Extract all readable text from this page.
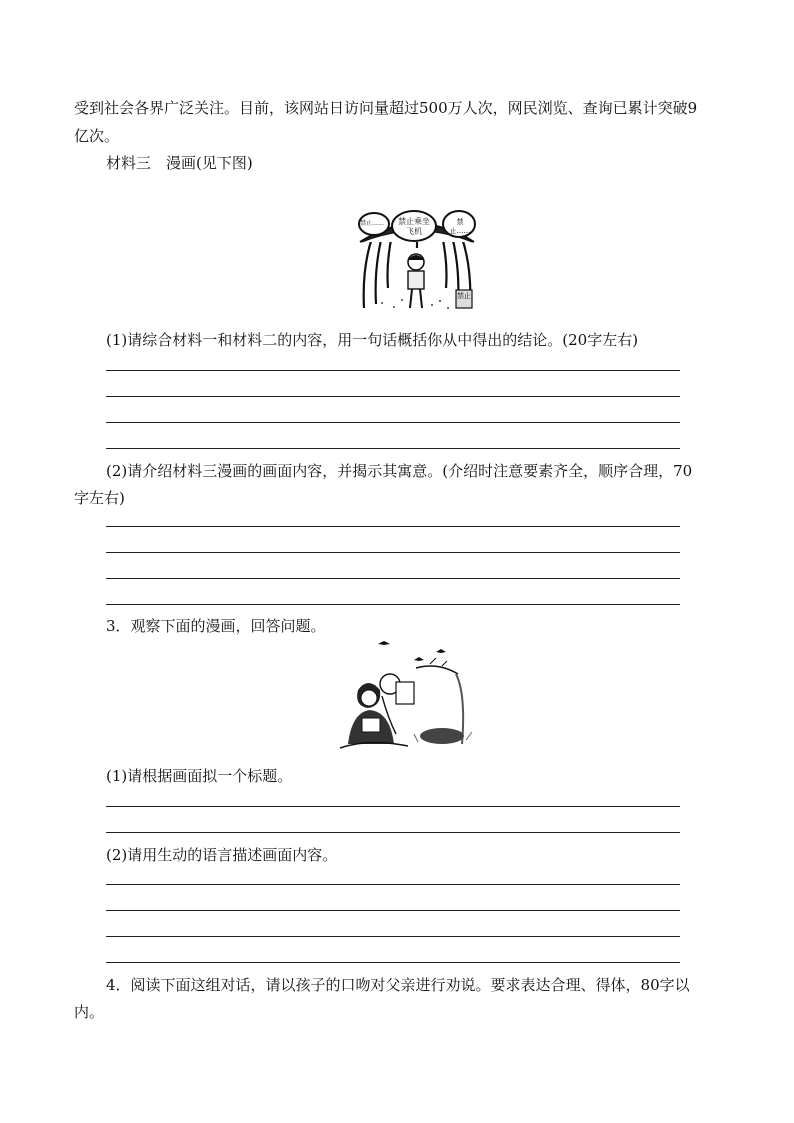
受到社会各界广泛关注。目前，该网站日访问量超过500万人次，网民浏览、查询已累计突破9
亿次。
材料三　漫画(见下图)
禁止……	禁止乘坐飞机
禁止……
禁止
(1)请综合材料一和材料二的内容，用一句话概括你从中得出的结论。(20字左右)
(2)请介绍材料三漫画的画面内容，并揭示其寓意。(介绍时注意要素齐全，顺序合理，70
字左右)
3．观察下面的漫画，回答问题。
(1)请根据画面拟一个标题。
(2)请用生动的语言描述画面内容。
4．阅读下面这组对话，请以孩子的口吻对父亲进行劝说。要求表达合理、得体，80字以
内。
